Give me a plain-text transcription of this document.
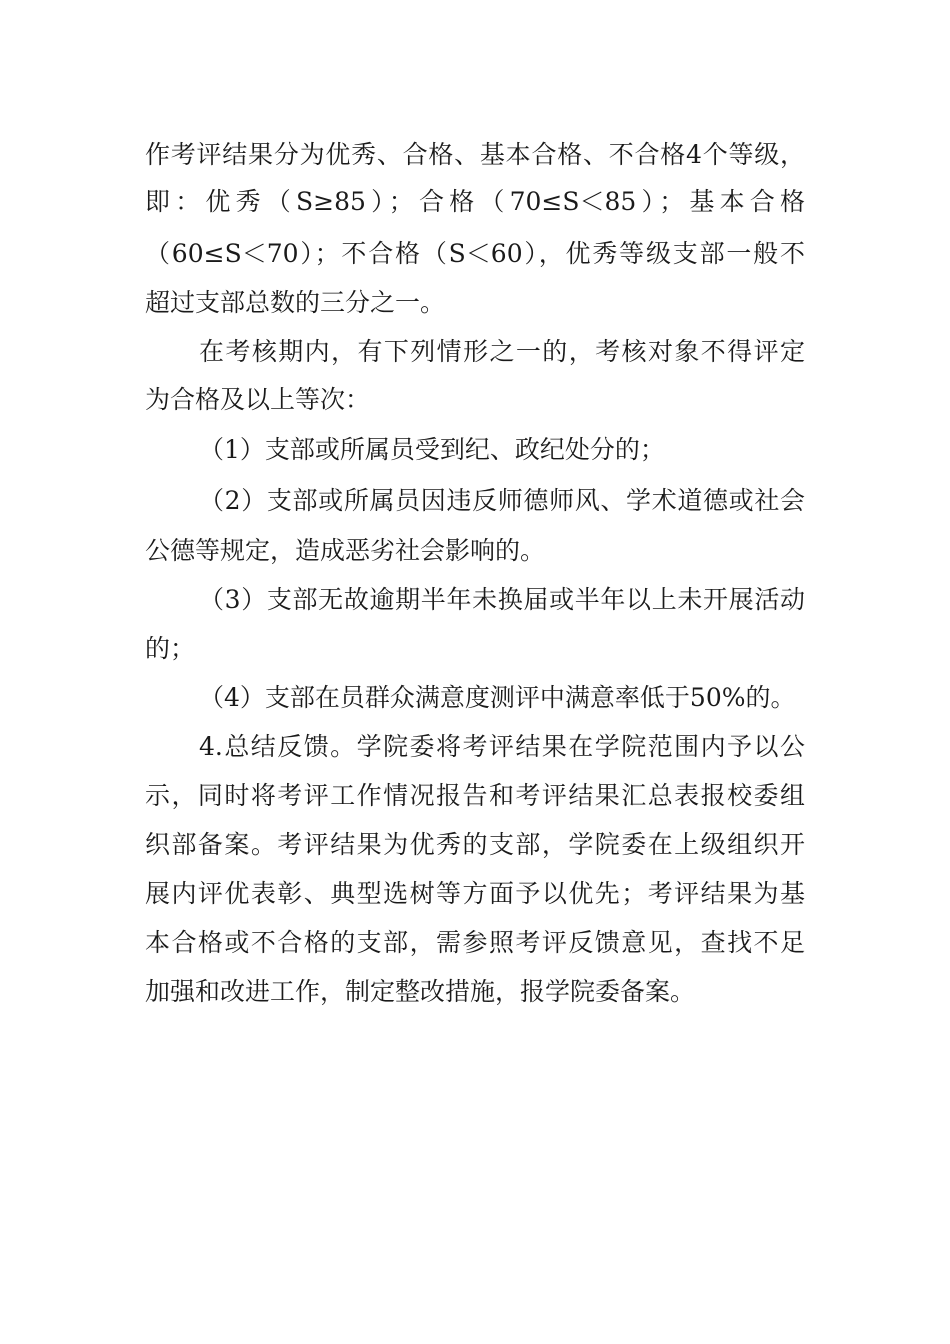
作考评结果分为优秀、合格、基本合格、不合格4个等级，
即：优秀（S≥85）；合格（70≤S＜85）；基本合格
（60≤S＜70）；不合格（S＜60），优秀等级支部一般不
超过支部总数的三分之一。
在考核期内，有下列情形之一的，考核对象不得评定
为合格及以上等次：
（1）支部或所属员受到纪、政纪处分的；
（2）支部或所属员因违反师德师风、学术道德或社会
公德等规定，造成恶劣社会影响的。
（3）支部无故逾期半年未换届或半年以上未开展活动
的；
（4）支部在员群众满意度测评中满意率低于50%的。
4.总结反馈。学院委将考评结果在学院范围内予以公
示，同时将考评工作情况报告和考评结果汇总表报校委组
织部备案。考评结果为优秀的支部，学院委在上级组织开
展内评优表彰、典型选树等方面予以优先；考评结果为基
本合格或不合格的支部，需参照考评反馈意见，查找不足
加强和改进工作，制定整改措施，报学院委备案。
